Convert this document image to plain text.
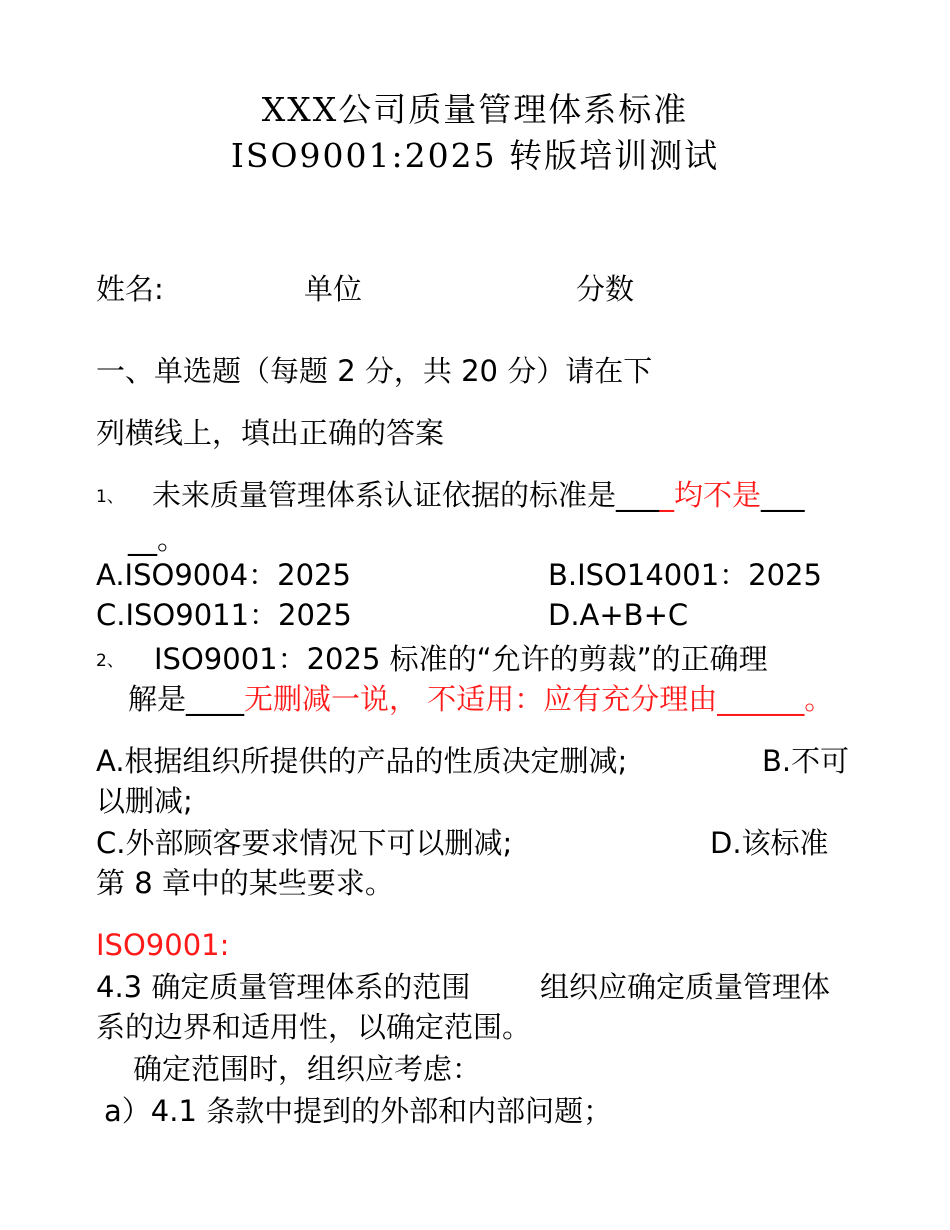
XXX公司质量管理体系标准
ISO9001:2025 转版培训测试
姓名:	单位	分数
一、单选题（每题 2 分，共 20 分）请在下
列横线上，填出正确的答案
1、 未来质量管理体系认证依据的标准是____均不是___
__。
A.ISO9004：2025	B.ISO14001：2025
C.ISO9011：2025	D.A+B+C
2、 ISO9001：2025 标准的“允许的剪裁”的正确理
解是____无删减一说， 不适用：应有充分理由______。
A.根据组织所提供的产品的性质决定删减;	B.不可
以删减;
C.外部顾客要求情况下可以删减;	D.该标准
第 8 章中的某些要求。
ISO9001:
4.3 确定质量管理体系的范围 组织应确定质量管理体
系的边界和适用性，以确定范围。
确定范围时，组织应考虑：
a）4.1 条款中提到的外部和内部问题；
